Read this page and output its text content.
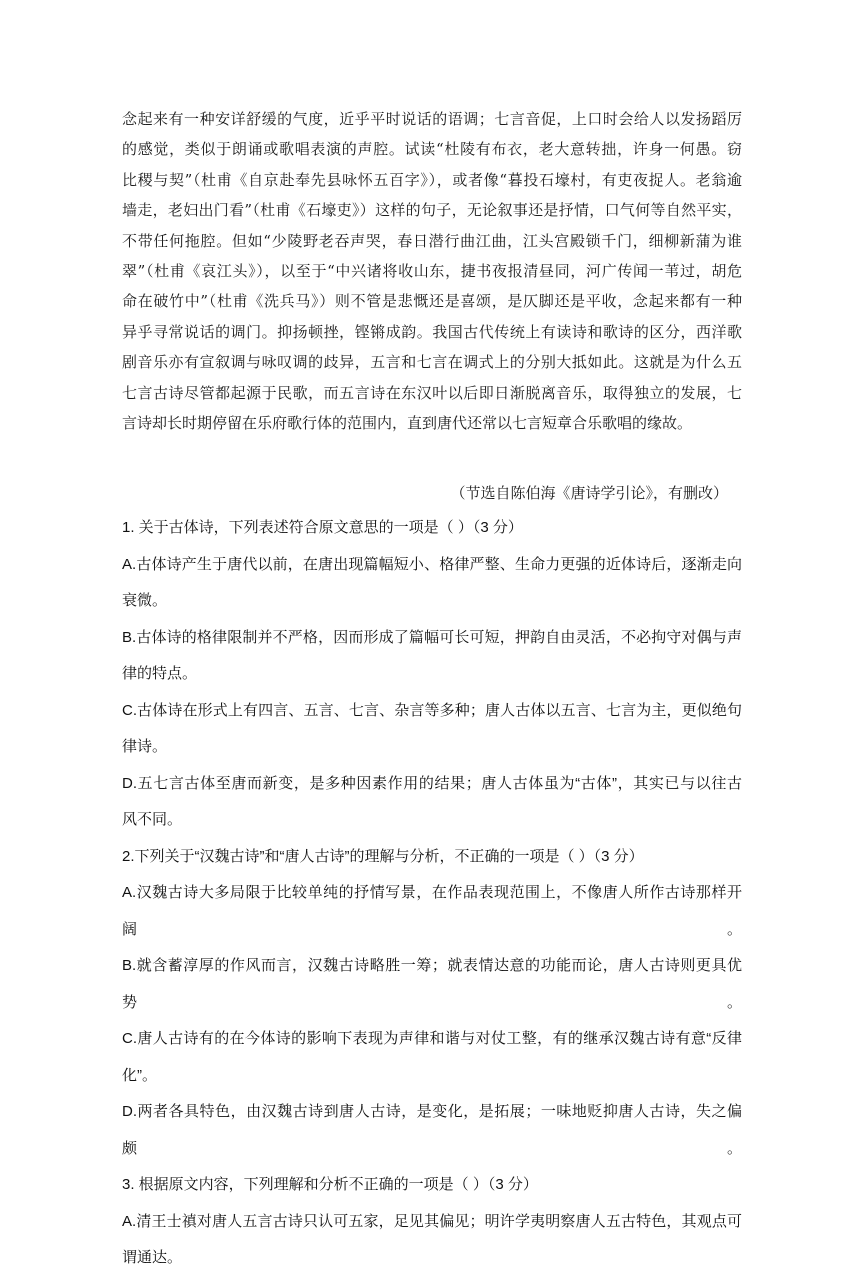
念起来有一种安详舒缓的气度，近乎平时说话的语调；七言音促，上口时会给人以发扬蹈厉

的感觉，类似于朗诵或歌唱表演的声腔。试读“杜陵有布衣，老大意转拙，许身一何愚。窃

比稷与契”（杜甫《自京赴奉先县咏怀五百字》），或者像“暮投石壕村，有吏夜捉人。老翁逾

墙走，老妇出门看”（杜甫《石壕吏》）这样的句子，无论叙事还是抒情，口气何等自然平实，

不带任何拖腔。但如“少陵野老吞声哭，春日潜行曲江曲，江头宫殿锁千门，细柳新蒲为谁

翠”（杜甫《哀江头》），以至于“中兴诸将收山东，捷书夜报清昼同，河广传闻一苇过，胡危

命在破竹中”（杜甫《洗兵马》）则不管是悲慨还是喜颂，是仄脚还是平收，念起来都有一种

异乎寻常说话的调门。抑扬顿挫，铿锵成韵。我国古代传统上有读诗和歌诗的区分，西洋歌

剧音乐亦有宣叙调与咏叹调的歧异，五言和七言在调式上的分别大抵如此。这就是为什么五

七言古诗尽管都起源于民歌，而五言诗在东汉叶以后即日渐脱离音乐，取得独立的发展，七

言诗却长时期停留在乐府歌行体的范围内，直到唐代还常以七言短章合乐歌唱的缘故。

（节选自陈伯海《唐诗学引论》，有删改）

1. 关于古体诗，下列表述符合原文意思的一项是（ ）（3 分）

A.古体诗产生于唐代以前，在唐出现篇幅短小、格律严整、生命力更强的近体诗后，逐渐走向

衰微。

B.古体诗的格律限制并不严格，因而形成了篇幅可长可短，押韵自由灵活，不必拘守对偶与声

律的特点。

C.古体诗在形式上有四言、五言、七言、杂言等多种；唐人古体以五言、七言为主，更似绝句

律诗。

D.五七言古体至唐而新变，是多种因素作用的结果；唐人古体虽为“古体”，其实已与以往古

风不同。

2.下列关于“汉魏古诗”和“唐人古诗”的理解与分析，不正确的一项是（ ）（3 分）

A.汉魏古诗大多局限于比较单纯的抒情写景，在作品表现范围上，不像唐人所作古诗那样开阔。

B.就含蓄淳厚的作风而言，汉魏古诗略胜一筹；就表情达意的功能而论，唐人古诗则更具优势。

C.唐人古诗有的在今体诗的影响下表现为声律和谐与对仗工整，有的继承汉魏古诗有意“反律

化”。

D.两者各具特色，由汉魏古诗到唐人古诗，是变化，是拓展；一味地贬抑唐人古诗，失之偏颇。

3. 根据原文内容，下列理解和分析不正确的一项是（ ）（3 分）

A.清王士禛对唐人五言古诗只认可五家，足见其偏见；明许学夷明察唐人五古特色，其观点可

谓通达。
